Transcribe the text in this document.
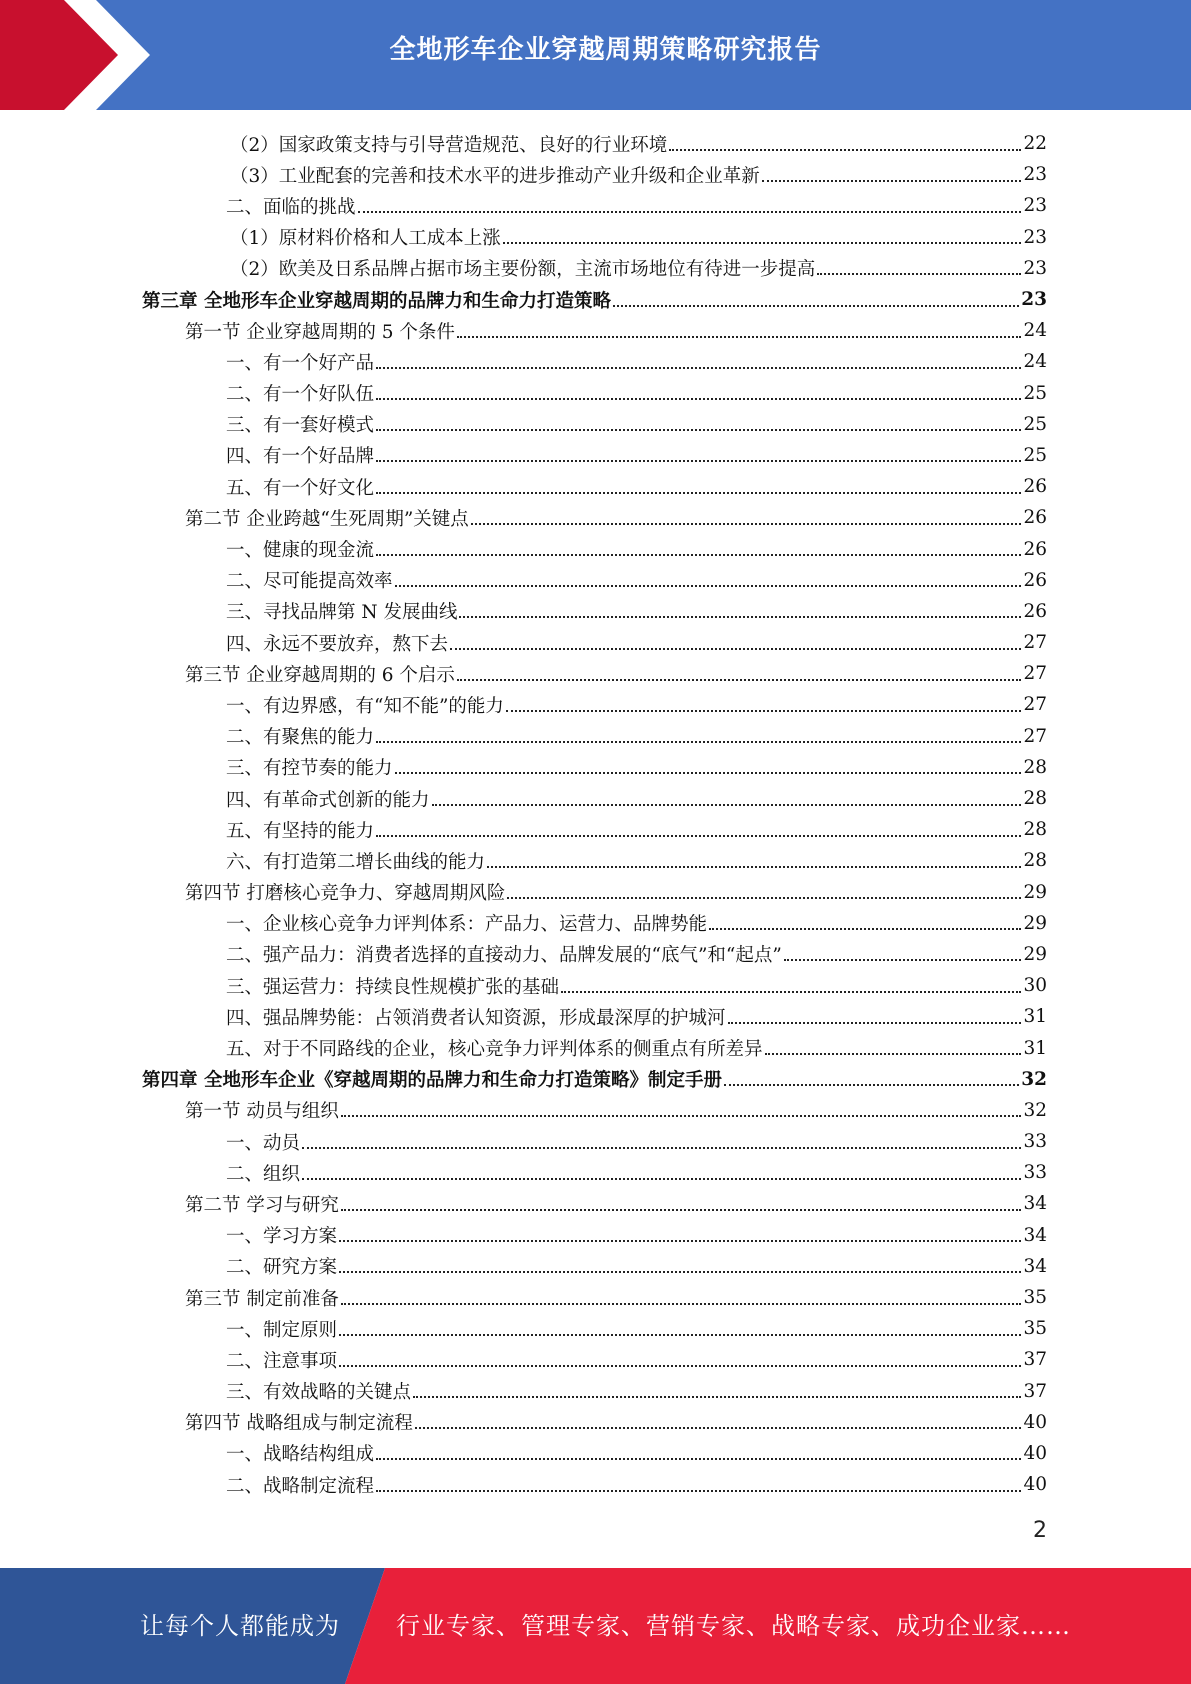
全地形车企业穿越周期策略研究报告
（2）国家政策支持与引导营造规范、良好的行业环境	22
（3）工业配套的完善和技术水平的进步推动产业升级和企业革新	23
二、面临的挑战	23
（1）原材料价格和人工成本上涨	23
（2）欧美及日系品牌占据市场主要份额，主流市场地位有待进一步提高	23
第三章 全地形车企业穿越周期的品牌力和生命力打造策略	23
第一节 企业穿越周期的 5 个条件	24
一、有一个好产品	24
二、有一个好队伍	25
三、有一套好模式	25
四、有一个好品牌	25
五、有一个好文化	26
第二节 企业跨越“生死周期”关键点	26
一、健康的现金流	26
二、尽可能提高效率	26
三、寻找品牌第 N 发展曲线	26
四、永远不要放弃，熬下去	27
第三节 企业穿越周期的 6 个启示	27
一、有边界感，有“知不能”的能力	27
二、有聚焦的能力	27
三、有控节奏的能力	28
四、有革命式创新的能力	28
五、有坚持的能力	28
六、有打造第二增长曲线的能力	28
第四节 打磨核心竞争力、穿越周期风险	29
一、企业核心竞争力评判体系：产品力、运营力、品牌势能	29
二、强产品力：消费者选择的直接动力、品牌发展的“底气”和“起点”	29
三、强运营力：持续良性规模扩张的基础	30
四、强品牌势能：占领消费者认知资源，形成最深厚的护城河	31
五、对于不同路线的企业，核心竞争力评判体系的侧重点有所差异	31
第四章 全地形车企业《穿越周期的品牌力和生命力打造策略》制定手册	32
第一节 动员与组织	32
一、动员	33
二、组织	33
第二节 学习与研究	34
一、学习方案	34
二、研究方案	34
第三节 制定前准备	35
一、制定原则	35
二、注意事项	37
三、有效战略的关键点	37
第四节 战略组成与制定流程	40
一、战略结构组成	40
二、战略制定流程	40
2
让每个人都能成为 行业专家、管理专家、营销专家、战略专家、成功企业家……
